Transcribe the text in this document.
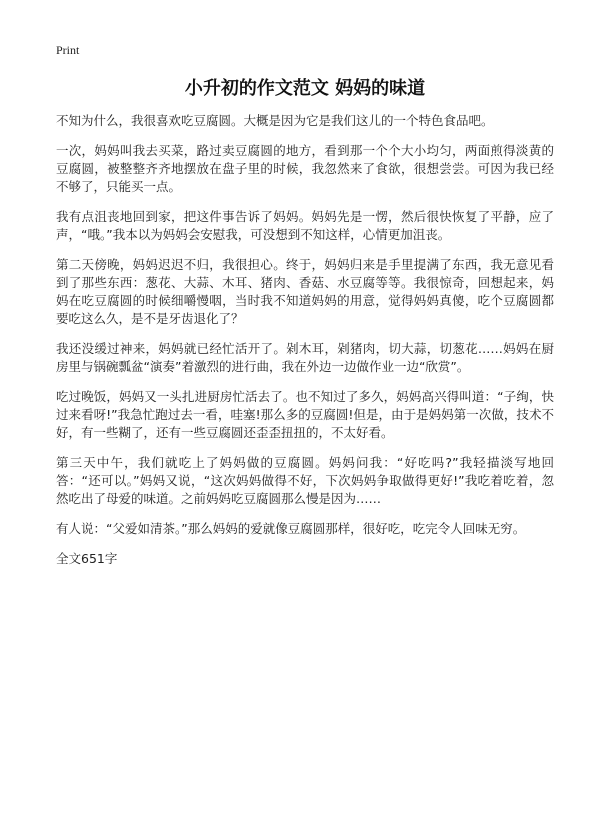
Print
小升初的作文范文 妈妈的味道

不知为什么，我很喜欢吃豆腐圆。大概是因为它是我们这儿的一个特色食品吧。

一次，妈妈叫我去买菜，路过卖豆腐圆的地方，看到那一个个大小均匀，两面煎得淡黄的豆腐圆，被整整齐齐地摆放在盘子里的时候，我忽然来了食欲，很想尝尝。可因为我已经不够了，只能买一点。

我有点沮丧地回到家，把这件事告诉了妈妈。妈妈先是一愣，然后很快恢复了平静，应了声，“哦。”我本以为妈妈会安慰我，可没想到不知这样，心情更加沮丧。

第二天傍晚，妈妈迟迟不归，我很担心。终于，妈妈归来是手里提满了东西，我无意见看到了那些东西：葱花、大蒜、木耳、猪肉、香菇、水豆腐等等。我很惊奇，回想起来，妈妈在吃豆腐圆的时候细嚼慢咽，当时我不知道妈妈的用意，觉得妈妈真傻，吃个豆腐圆都要吃这么久，是不是牙齿退化了？

我还没缓过神来，妈妈就已经忙活开了。剁木耳，剁猪肉，切大蒜，切葱花……妈妈在厨房里与锅碗瓢盆“演奏”着激烈的进行曲，我在外边一边做作业一边“欣赏”。

吃过晚饭，妈妈又一头扎进厨房忙活去了。也不知过了多久，妈妈高兴得叫道：“子绚，快过来看呀!”我急忙跑过去一看，哇塞!那么多的豆腐圆!但是，由于是妈妈第一次做，技术不好，有一些糊了，还有一些豆腐圆还歪歪扭扭的，不太好看。

第三天中午，我们就吃上了妈妈做的豆腐圆。妈妈问我：“好吃吗?”我轻描淡写地回答：“还可以。”妈妈又说，“这次妈妈做得不好，下次妈妈争取做得更好!”我吃着吃着，忽然吃出了母爱的味道。之前妈妈吃豆腐圆那么慢是因为……

有人说：“父爱如清茶。”那么妈妈的爱就像豆腐圆那样，很好吃，吃完令人回味无穷。

全文651字
